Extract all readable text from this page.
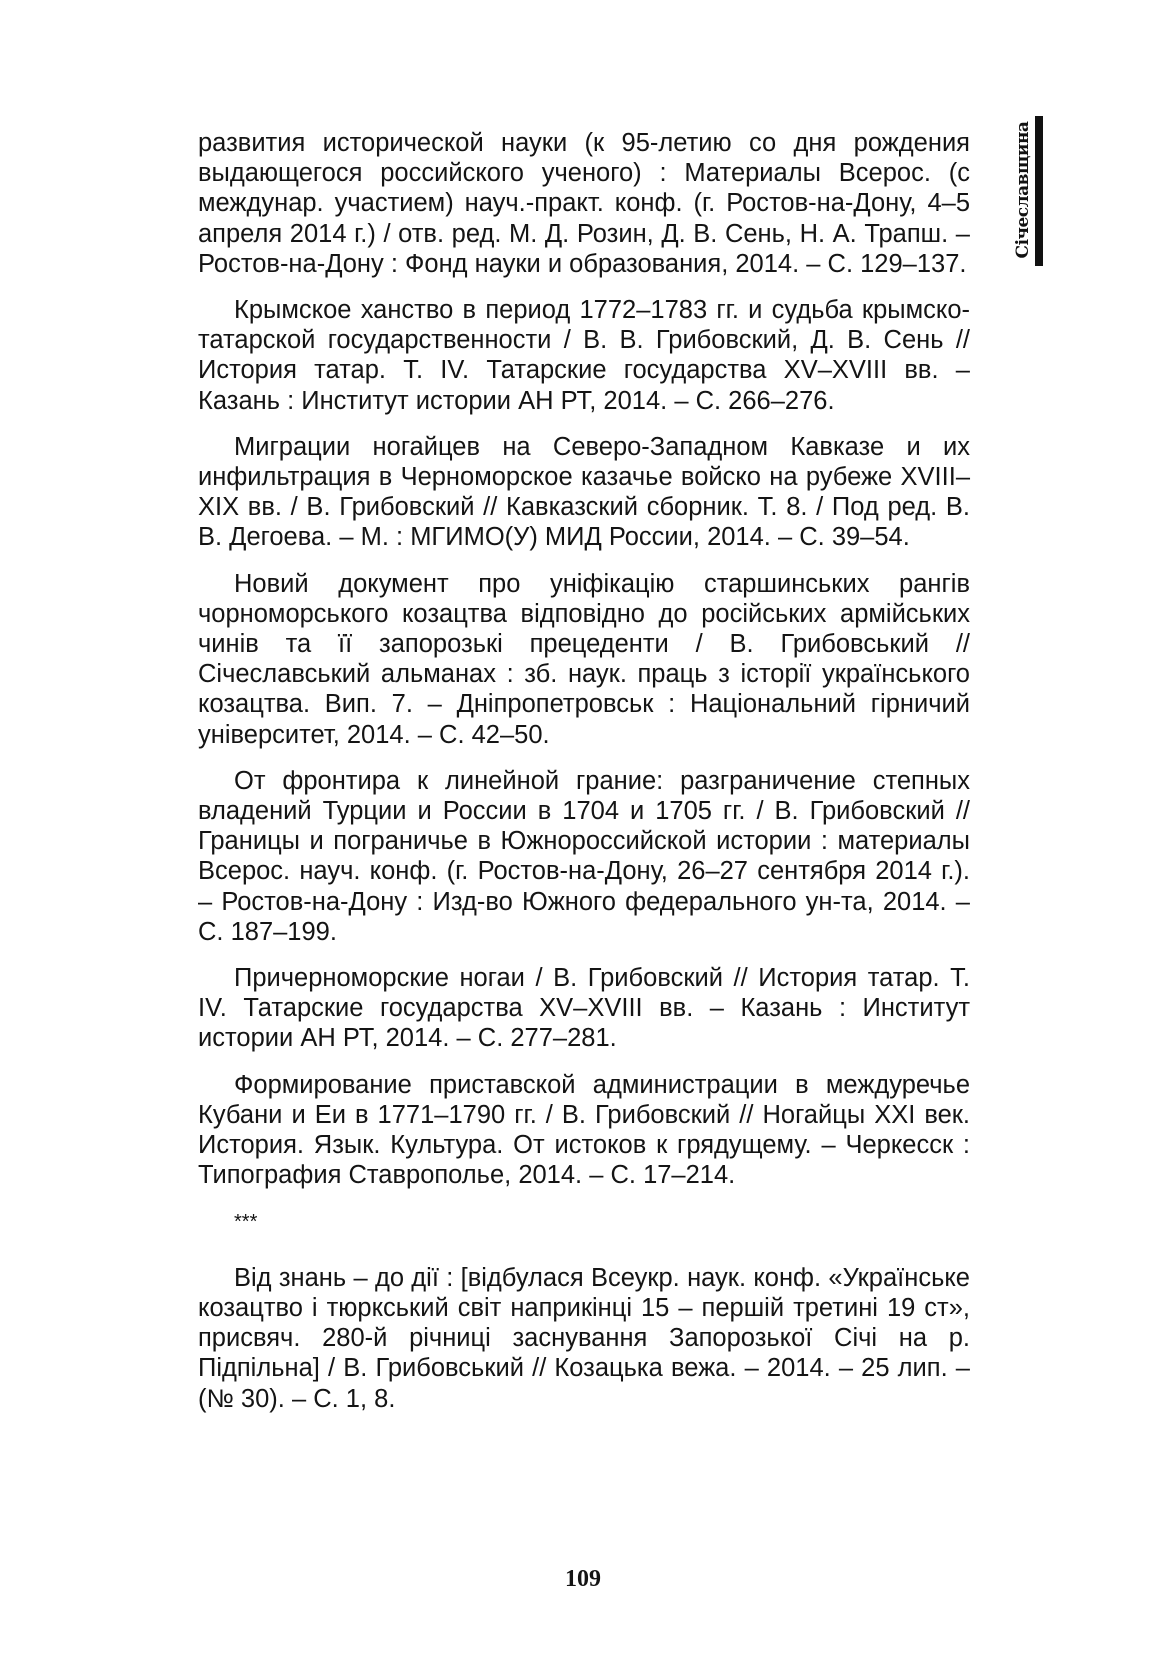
Січеславщина

развития исторической науки (к 95-летию со дня рождения выдающегося российского ученого) : Материалы Всерос. (с междунар. участием) науч.-практ. конф. (г. Ростов-на-Дону, 4–5 апреля 2014 г.) / отв. ред. М. Д. Розин, Д. В. Сень, Н. А. Трапш. – Ростов-на-Дону : Фонд науки и образования, 2014. – С. 129–137.

Крымское ханство в период 1772–1783 гг. и судьба крымско-татарской государственности / В. В. Грибовский, Д. В. Сень // История татар. Т. IV. Татарские государства XV–XVIII вв. – Казань : Институт истории АН РТ, 2014. – С. 266–276.

Миграции ногайцев на Северо-Западном Кавказе и их инфильтрация в Черноморское казачье войско на рубеже XVIII–XIX вв. / В. Грибовский // Кавказский сборник. Т. 8. / Под ред. В. В. Дегоева. – М. : МГИМО(У) МИД России, 2014. – С. 39–54.

Новий документ про уніфікацію старшинських рангів чорноморського козацтва відповідно до російських армійських чинів та її запорозькі прецеденти / В. Грибовський // Січеславський альманах : зб. наук. праць з історії українського козацтва. Вип. 7. – Дніпропетровськ : Національний гірничий університет, 2014. – С. 42–50.

От фронтира к линейной грание: разграничение степных владений Турции и России в 1704 и 1705 гг. / В. Грибовский // Границы и пограничье в Южнороссийской истории : материалы Всерос. науч. конф. (г. Ростов-на-Дону, 26–27 сентября 2014 г.). – Ростов-на-Дону : Изд-во Южного федерального ун-та, 2014. – С. 187–199.

Причерноморские ногаи / В. Грибовский // История татар. Т. IV. Татарские государства XV–XVIII вв. – Казань : Институт истории АН РТ, 2014. – С. 277–281.

Формирование приставской администрации в междуречье Кубани и Еи в 1771–1790 гг. / В. Грибовский // Ногайцы XXI век. История. Язык. Культура. От истоков к грядущему. – Черкесск : Типография Ставрополье, 2014. – С. 17–214.

***

Від знань – до дії : [відбулася Всеукр. наук. конф. «Українське козацтво і тюркський світ наприкінці 15 – першій третині 19 ст», присвяч. 280-й річниці заснування Запорозької Січі на р. Підпільна] / В. Грибовський // Козацька вежа. – 2014. – 25 лип. – (№ 30). – С. 1, 8.

109
